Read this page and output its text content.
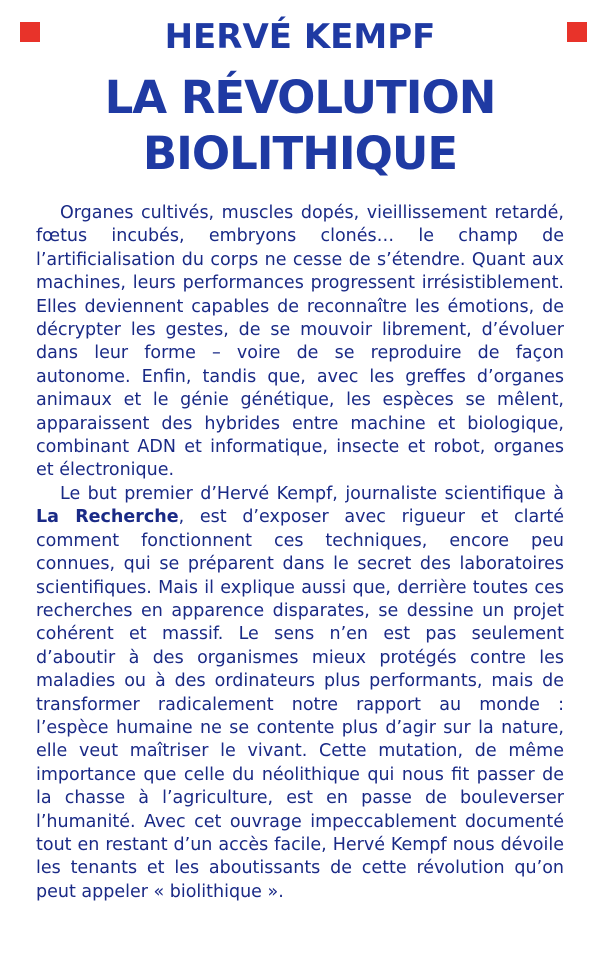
HERVÉ KEMPF
LA RÉVOLUTION
BIOLITHIQUE

Organes cultivés, muscles dopés, vieillissement retardé, fœtus incubés, embryons clonés… le champ de l’artificialisation du corps ne cesse de s’étendre. Quant aux machines, leurs performances progressent irrésistiblement. Elles deviennent capables de reconnaître les émotions, de décrypter les gestes, de se mouvoir librement, d’évoluer dans leur forme – voire de se reproduire de façon autonome. Enfin, tandis que, avec les greffes d’organes animaux et le génie génétique, les espèces se mêlent, apparaissent des hybrides entre machine et biologique, combinant ADN et informatique, insecte et robot, organes et électronique.

Le but premier d’Hervé Kempf, journaliste scientifique à La Recherche, est d’exposer avec rigueur et clarté comment fonctionnent ces techniques, encore peu connues, qui se préparent dans le secret des laboratoires scientifiques. Mais il explique aussi que, derrière toutes ces recherches en apparence disparates, se dessine un projet cohérent et massif. Le sens n’en est pas seulement d’aboutir à des organismes mieux protégés contre les maladies ou à des ordinateurs plus performants, mais de transformer radicalement notre rapport au monde : l’espèce humaine ne se contente plus d’agir sur la nature, elle veut maîtriser le vivant. Cette mutation, de même importance que celle du néolithique qui nous fit passer de la chasse à l’agriculture, est en passe de bouleverser l’humanité. Avec cet ouvrage impeccablement documenté tout en restant d’un accès facile, Hervé Kempf nous dévoile les tenants et les aboutissants de cette révolution qu’on peut appeler « biolithique ».
